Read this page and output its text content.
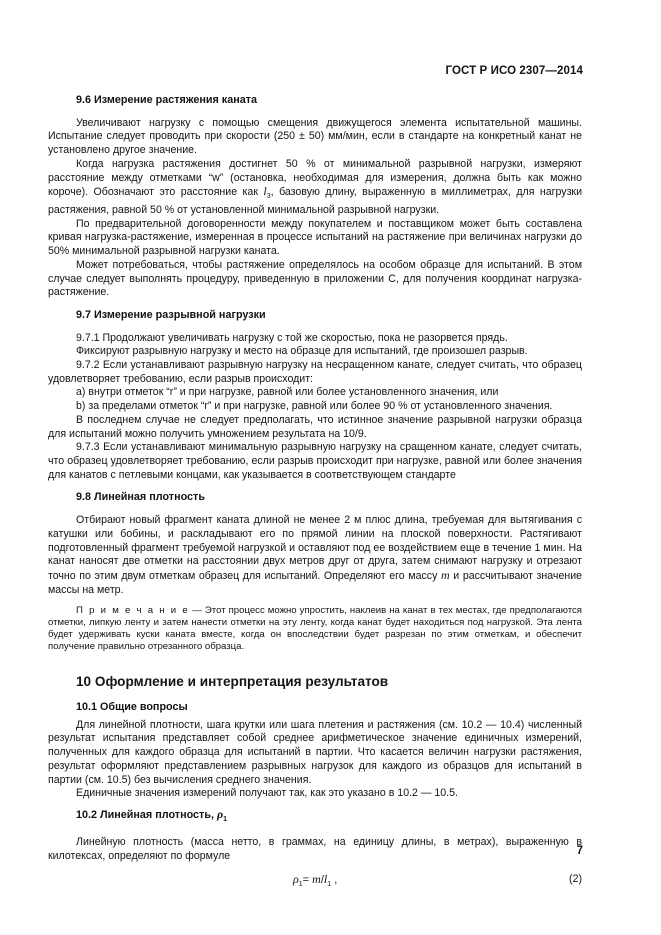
ГОСТ Р ИСО 2307—2014

9.6 Измерение растяжения каната

Увеличивают нагрузку с помощью смещения движущегося элемента испытательной машины. Испытание следует проводить при скорости (250 ± 50) мм/мин, если в стандарте на конкретный канат не установлено другое значение.

Когда нагрузка растяжения достигнет 50 % от минимальной разрывной нагрузки, измеряют расстояние между отметками “w” (остановка, необходимая для измерения, должна быть как можно короче). Обозначают это расстояние как $l_3$, базовую длину, выраженную в миллиметрах, для нагрузки растяжения, равной 50 % от установленной минимальной разрывной нагрузки.

По предварительной договоренности между покупателем и поставщиком может быть составлена кривая нагрузка-растяжение, измеренная в процессе испытаний на растяжение при величинах нагрузки до 50% минимальной разрывной нагрузки каната.

Может потребоваться, чтобы растяжение определялось на особом образце для испытаний. В этом случае следует выполнять процедуру, приведенную в приложении С, для получения координат нагрузка-растяжение.

9.7 Измерение разрывной нагрузки

9.7.1 Продолжают увеличивать нагрузку с той же скоростью, пока не разорвется прядь.

Фиксируют разрывную нагрузку и место на образце для испытаний, где произошел разрыв.

9.7.2 Если устанавливают разрывную нагрузку на несращенном канате, следует считать, что образец удовлетворяет требованию, если разрыв происходит:

а) внутри отметок “r” и при нагрузке, равной или более установленного значения, или

b) за пределами отметок “r” и при нагрузке, равной или более 90 % от установленного значения.

В последнем случае не следует предполагать, что истинное значение разрывной нагрузки образца для испытаний можно получить умножением результата на 10/9.

9.7.3 Если устанавливают минимальную разрывную нагрузку на сращенном канате, следует считать, что образец удовлетворяет требованию, если разрыв происходит при нагрузке, равной или более значения для канатов с петлевыми концами, как указывается в соответствующем стандарте

9.8 Линейная плотность

Отбирают новый фрагмент каната длиной не менее 2 м плюс длина, требуемая для вытягивания с катушки или бобины, и раскладывают его по прямой линии на плоской поверхности. Растягивают подготовленный фрагмент требуемой нагрузкой и оставляют под ее воздействием еще в течение 1 мин. На канат наносят две отметки на расстоянии двух метров друг от друга, затем снимают нагрузку и отрезают точно по этим двум отметкам образец для испытаний. Определяют его массу m и рассчитывают значение массы на метр.

П р и м е ч а н и е — Этот процесс можно упростить, наклеив на канат в тех местах, где предполагаются отметки, липкую ленту и затем нанести отметки на эту ленту, когда канат будет находиться под нагрузкой. Эта лента будет удерживать куски каната вместе, когда он впоследствии будет разрезан по этим отметкам, и обеспечит получение правильно отрезанного образца.

10 Оформление и интерпретация результатов

10.1 Общие вопросы

Для линейной плотности, шага крутки или шага плетения и растяжения (см. 10.2 — 10.4) численный результат испытания представляет собой среднее арифметическое значение единичных измерений, полученных для каждого образца для испытаний в партии. Что касается величин нагрузки растяжения, результат оформляют представлением разрывных нагрузок для каждого из образцов для испытаний в партии (см. 10.5) без вычисления среднего значения.

Единичные значения измерений получают так, как это указано в 10.2 — 10.5.

10.2 Линейная плотность, $\rho_1$

Линейную плотность (масса нетто, в граммах, на единицу длины, в метрах), выраженную в килотексах, определяют по формуле

$\rho_1= m/l_1$ ,	(2)
7
